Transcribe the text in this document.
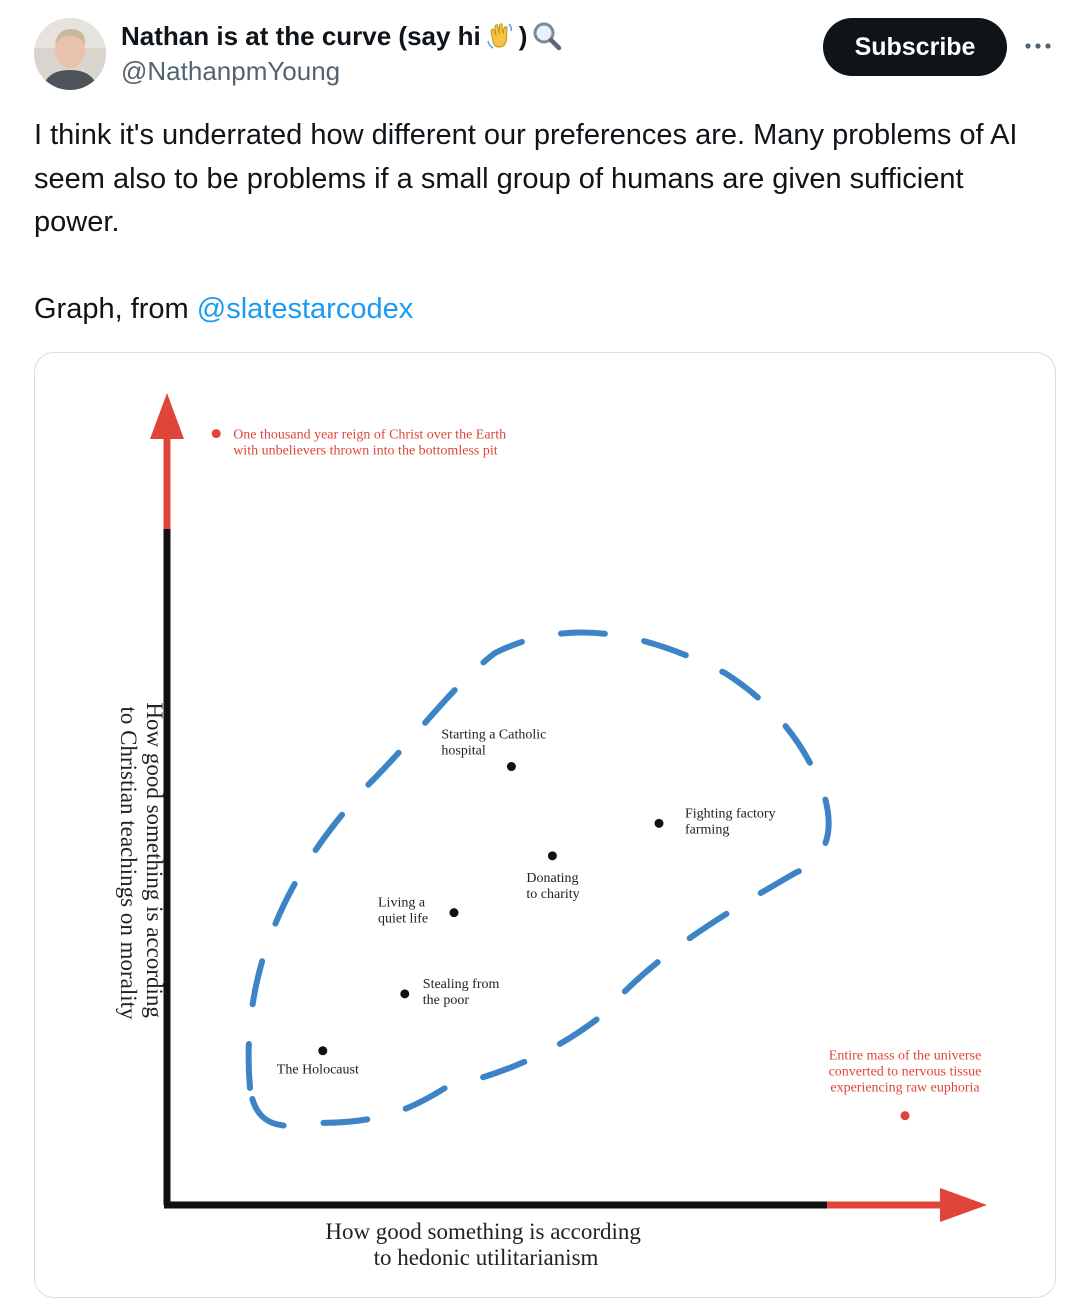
Nathan is at the curve (say hi )
@NathanpmYoung
Subscribe

I think it's underrated how different our preferences are. Many problems of AI seem also to be problems if a small group of humans are given sufficient power.

Graph, from @slatestarcodex

One thousand year reign of Christ over the Earth with unbelievers thrown into the bottomless pit
Starting a Catholic hospital
Fighting factory farming
Donating to charity
Living a quiet life
Stealing from the poor
The Holocaust
Entire mass of the universe converted to nervous tissue experiencing raw euphoria
How good something is according to hedonic utilitarianism
How good something is according to Christian teachings on morality
